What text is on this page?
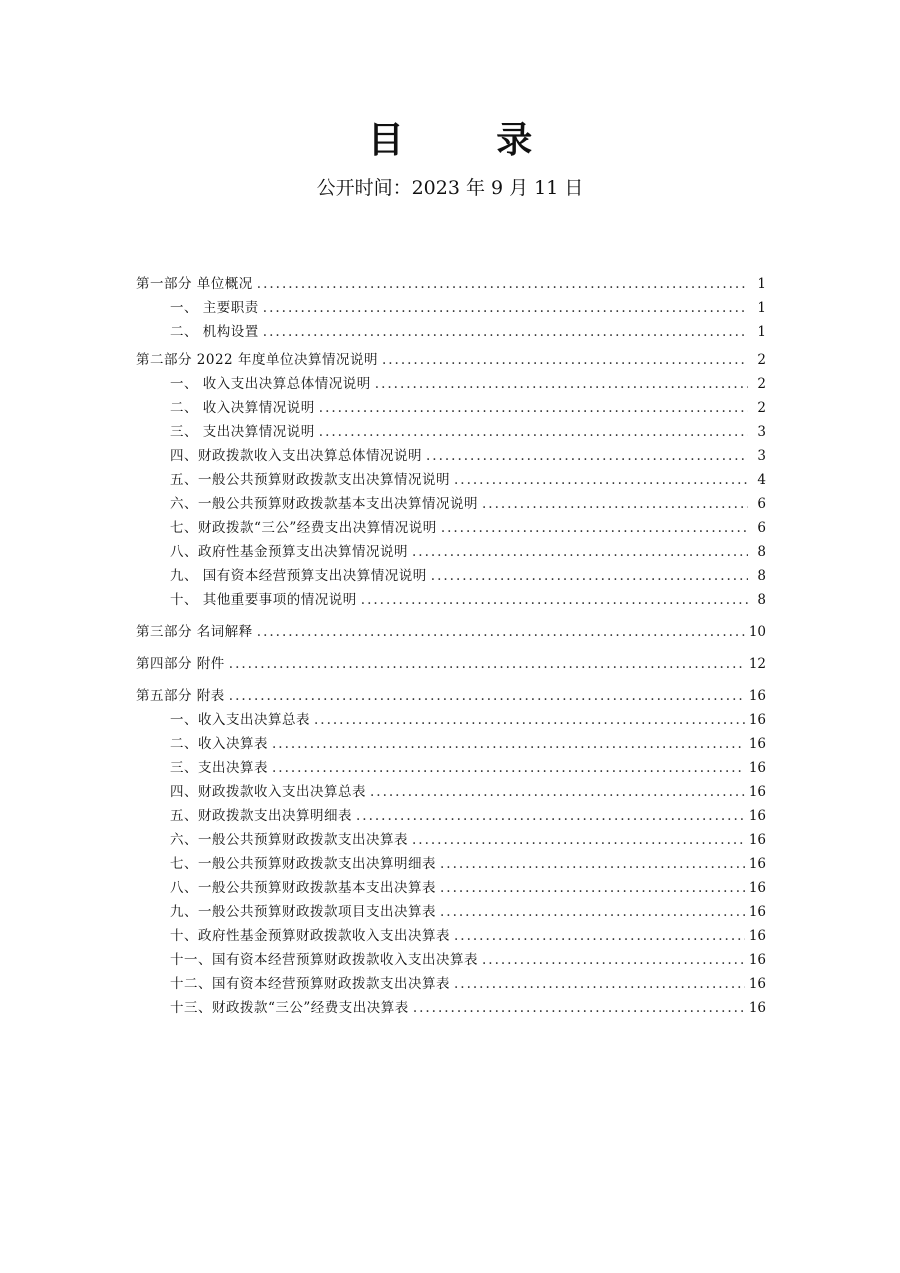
目 录
公开时间：2023 年 9 月 11 日
第一部分 单位概况 .....	1
一、 主要职责 .....	1
二、 机构设置 .....	1
第二部分 2022 年度单位决算情况说明 .....	2
一、 收入支出决算总体情况说明 .....	2
二、 收入决算情况说明 .....	2
三、 支出决算情况说明 .....	3
四、财政拨款收入支出决算总体情况说明 .....	3
五、一般公共预算财政拨款支出决算情况说明 .....	4
六、一般公共预算财政拨款基本支出决算情况说明 .....	6
七、财政拨款“三公”经费支出决算情况说明 .....	6
八、政府性基金预算支出决算情况说明 .....	8
九、 国有资本经营预算支出决算情况说明 .....	8
十、 其他重要事项的情况说明 .....	8
第三部分 名词解释 .....	10
第四部分 附件 .....	12
第五部分 附表 .....	16
一、收入支出决算总表 .....	16
二、收入决算表 .....	16
三、支出决算表 .....	16
四、财政拨款收入支出决算总表 .....	16
五、财政拨款支出决算明细表 .....	16
六、一般公共预算财政拨款支出决算表 .....	16
七、一般公共预算财政拨款支出决算明细表 .....	16
八、一般公共预算财政拨款基本支出决算表 .....	16
九、一般公共预算财政拨款项目支出决算表 .....	16
十、政府性基金预算财政拨款收入支出决算表 .....	16
十一、国有资本经营预算财政拨款收入支出决算表 .....	16
十二、国有资本经营预算财政拨款支出决算表 .....	16
十三、财政拨款“三公”经费支出决算表 .....	16
